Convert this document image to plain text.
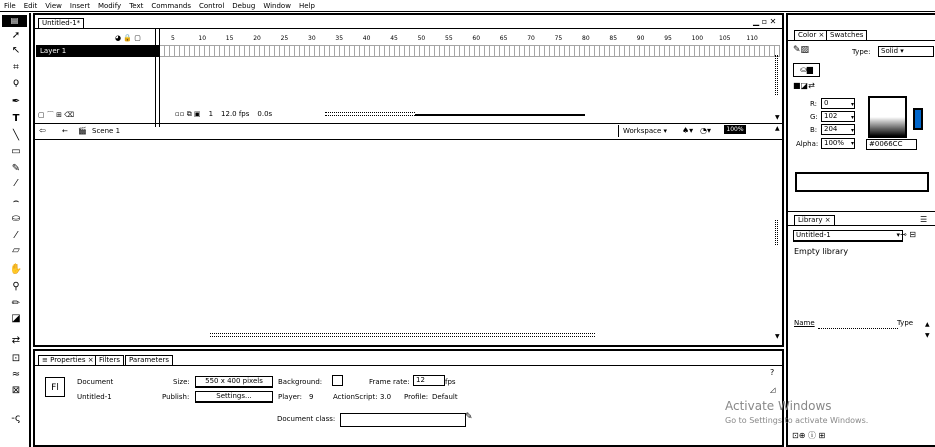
File	Edit	View	Insert	Modify	Text	Commands	Control	Debug	Window	Help
▤
➚
↖
⌗
ϙ
✒
T
╲
▭
✎
⁄
⌢
⛀
⁄
▱
✋
⚲
✏
◪
⇄
⊡
≈
⊠
-ς
Untitled-1*	▁ ▫ ✕
◕ 🔒 ▢	5	10	15	20	25	30	35	40	45	50	55	60	65	70	75	80	85	90	95	100	105	110
Layer 1
▢ ⌒ ⊞ ⌫	▫▫ ⧉ ▣ 1 12.0 fps 0.0s
⇦ ← 🎬 Scene 1	Workspace ▾ ♠▾ ◔▾	100%
▼
▲
▼
Color × Swatches
✎▨	Type:	Solid ▾
⛀▆
■◪⇄
R: 0
G: 102
B: 204
Alpha: 100%
▾
▾
▾
▾	#0066CC
Library ×	☰
Untitled-1	▾ ⊸ ⊟
Empty library
Name	Type ▲
▼
⊡⊕ ⓘ ⊞
≡ Properties × Filters	Parameters
?
◿
Fl
Document
Untitled-1
Size:	550 x 400 pixels	Background:	Frame rate: 12	fps
Publish:	Settings...	Player: 9	ActionScript: 3.0 Profile: Default
Document class:	✎
Activate Windows
Go to Settings to activate Windows.
